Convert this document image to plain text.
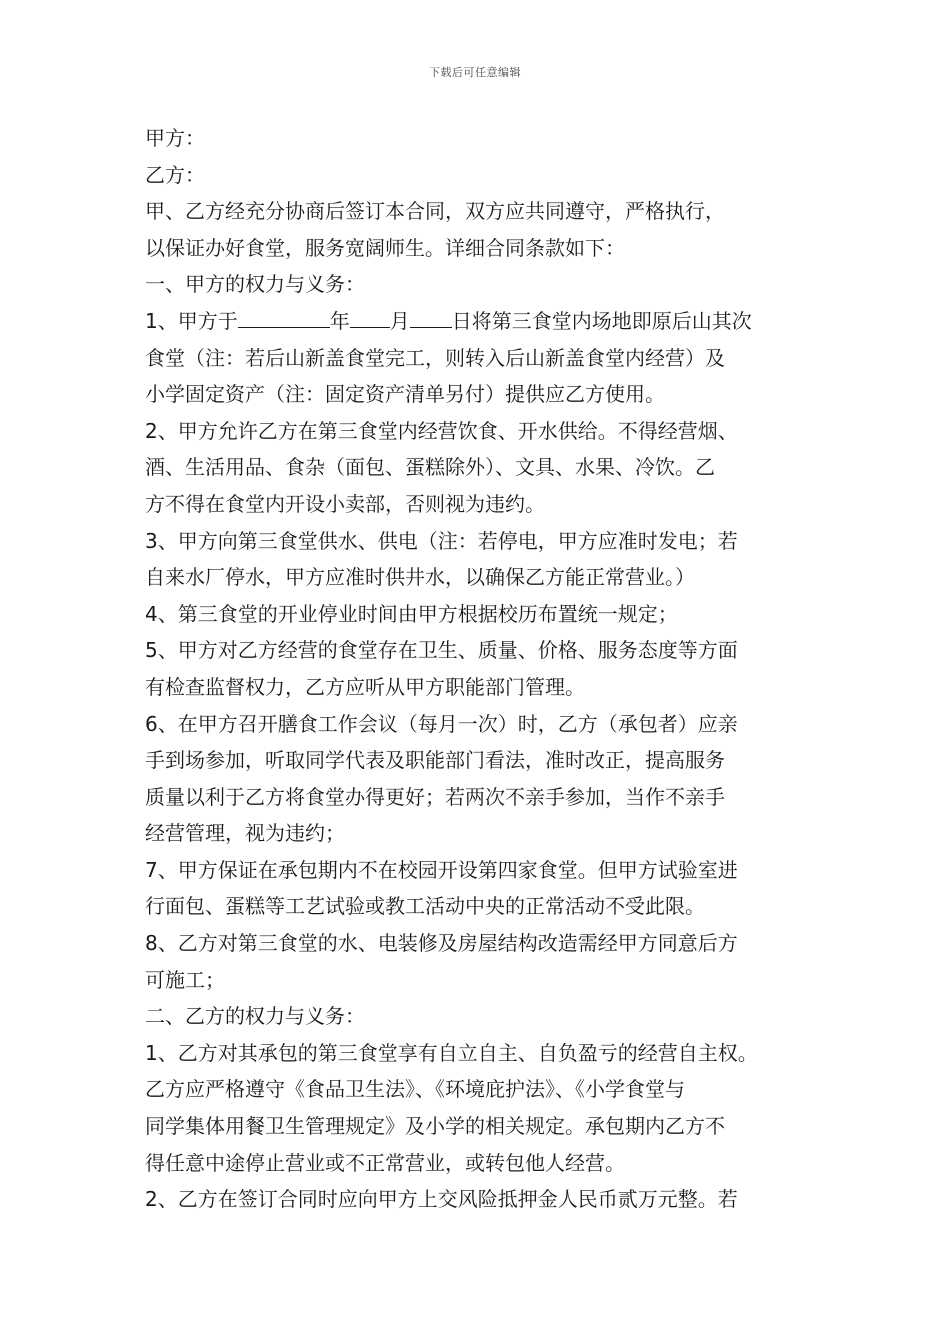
下载后可任意编辑
甲方：
乙方：
甲、乙方经充分协商后签订本合同，双方应共同遵守，严格执行，
以保证办好食堂，服务宽阔师生。详细合同条款如下：
一、甲方的权力与义务：
1、甲方于	年 月 日将第三食堂内场地即原后山其次
食堂（注：若后山新盖食堂完工，则转入后山新盖食堂内经营）及
小学固定资产（注：固定资产清单另付）提供应乙方使用。
2、甲方允许乙方在第三食堂内经营饮食、开水供给。不得经营烟、
酒、生活用品、食杂（面包、蛋糕除外）、文具、水果、冷饮。乙
方不得在食堂内开设小卖部，否则视为违约。
3、甲方向第三食堂供水、供电（注：若停电，甲方应准时发电；若
自来水厂停水，甲方应准时供井水，以确保乙方能正常营业。）
4、第三食堂的开业停业时间由甲方根据校历布置统一规定；
5、甲方对乙方经营的食堂存在卫生、质量、价格、服务态度等方面
有检查监督权力，乙方应听从甲方职能部门管理。
6、在甲方召开膳食工作会议（每月一次）时，乙方（承包者）应亲
手到场参加，听取同学代表及职能部门看法，准时改正，提高服务
质量以利于乙方将食堂办得更好；若两次不亲手参加，当作不亲手
经营管理，视为违约；
7、甲方保证在承包期内不在校园开设第四家食堂。但甲方试验室进
行面包、蛋糕等工艺试验或教工活动中央的正常活动不受此限。
8、乙方对第三食堂的水、电装修及房屋结构改造需经甲方同意后方
可施工；
二、乙方的权力与义务：
1、乙方对其承包的第三食堂享有自立自主、自负盈亏的经营自主权。
乙方应严格遵守《食品卫生法》、《环境庇护法》、《小学食堂与
同学集体用餐卫生管理规定》及小学的相关规定。承包期内乙方不
得任意中途停止营业或不正常营业，或转包他人经营。
2、乙方在签订合同时应向甲方上交风险抵押金人民币贰万元整。若
